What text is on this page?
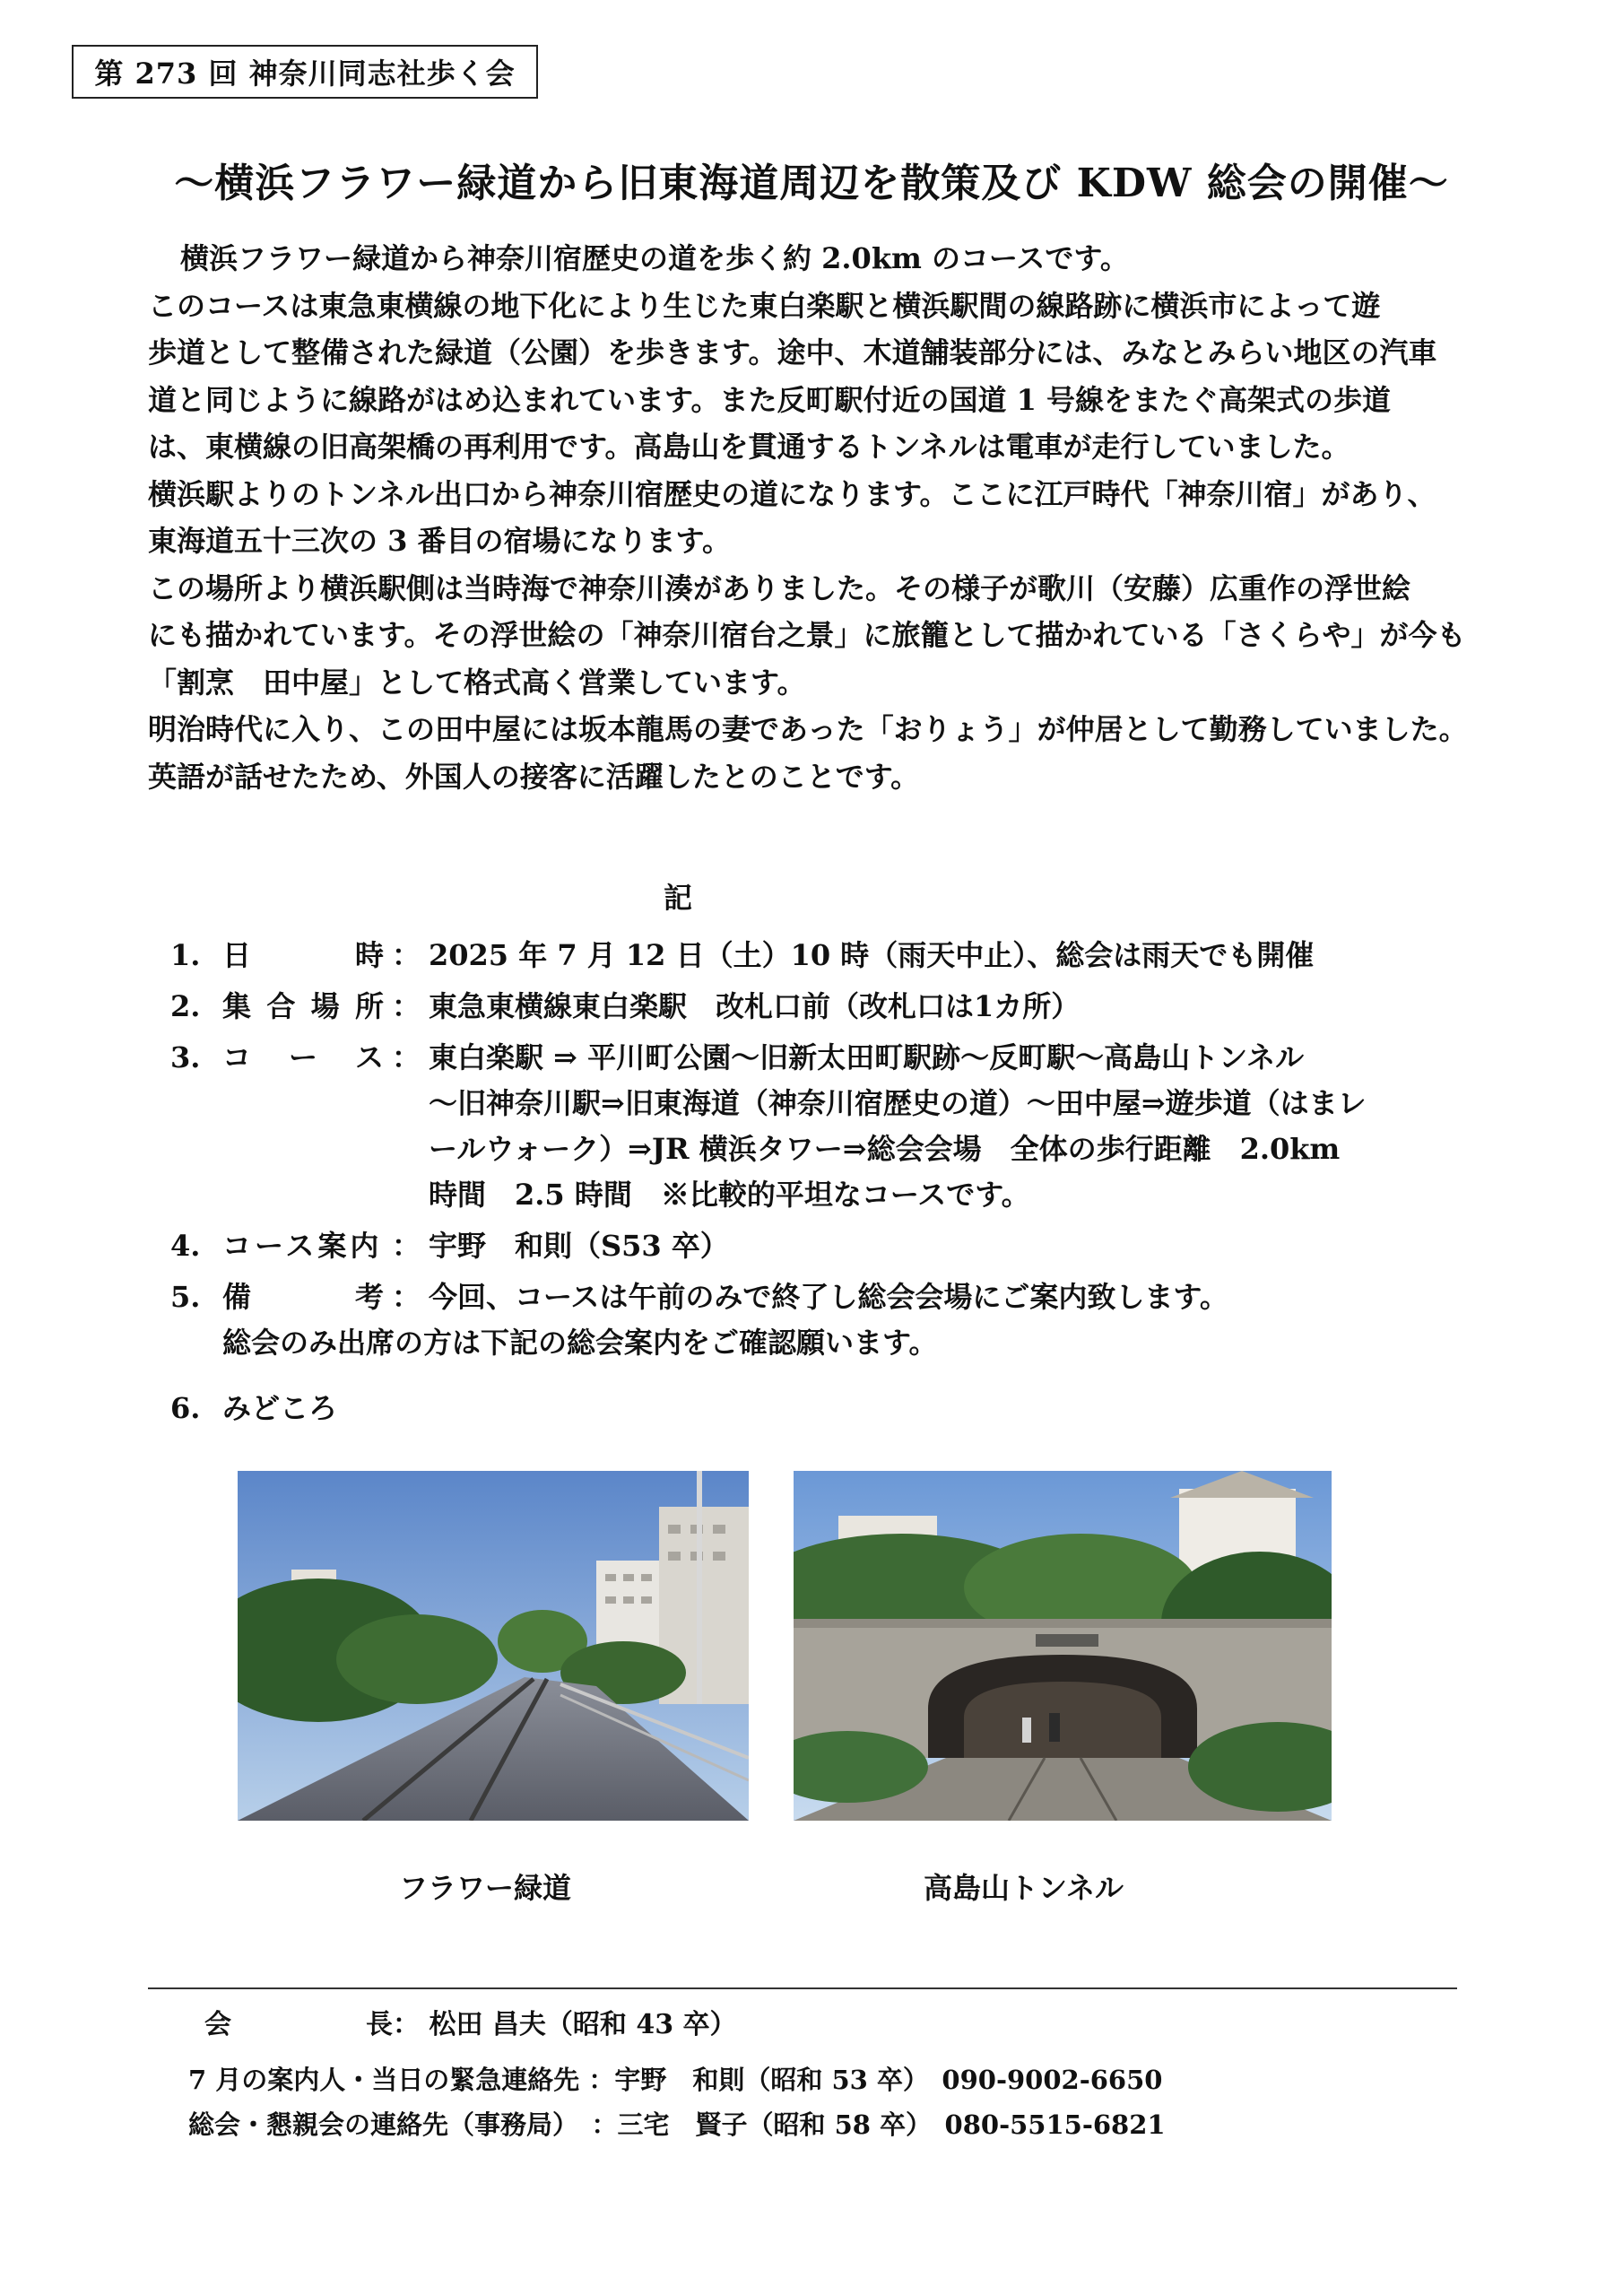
第 273 回 神奈川同志社歩く会
～横浜フラワー緑道から旧東海道周辺を散策及び KDW 総会の開催～

横浜フラワー緑道から神奈川宿歴史の道を歩く約 2.0km のコースです。

このコースは東急東横線の地下化により生じた東白楽駅と横浜駅間の線路跡に横浜市によって遊

歩道として整備された緑道（公園）を歩きます。途中、木道舗装部分には、みなとみらい地区の汽車

道と同じように線路がはめ込まれています。また反町駅付近の国道 1 号線をまたぐ高架式の歩道

は、東横線の旧高架橋の再利用です。高島山を貫通するトンネルは電車が走行していました。

横浜駅よりのトンネル出口から神奈川宿歴史の道になります。ここに江戸時代「神奈川宿」があり、

東海道五十三次の 3 番目の宿場になります。

この場所より横浜駅側は当時海で神奈川湊がありました。その様子が歌川（安藤）広重作の浮世絵

にも描かれています。その浮世絵の「神奈川宿台之景」に旅籠として描かれている「さくらや」が今も

「割烹　田中屋」として格式高く営業しています。

明治時代に入り、この田中屋には坂本龍馬の妻であった「おりょう」が仲居として勤務していました。

英語が話せたため、外国人の接客に活躍したとのことです。

記
1. 日	時 ： 2025 年 7 月 12 日（土）10 時（雨天中止）、総会は雨天でも開催

2. 集 合 場 所 ： 東急東横線東白楽駅　改札口前（改札口は1カ所）

3. コ ー ス ： 東白楽駅 ⇒ 平川町公園～旧新太田町駅跡～反町駅～高島山トンネル

～旧神奈川駅⇒旧東海道（神奈川宿歴史の道）～田中屋⇒遊歩道（はまレ

ールウォーク）⇒JR 横浜タワー⇒総会会場　全体の歩行距離　2.0km

時間　2.5 時間　※比較的平坦なコースです。

4. コース案内 ： 宇野　和則（S53 卒）

5. 備	考 ： 今回、コースは午前のみで終了し総会会場にご案内致します。

総会のみ出席の方は下記の総会案内をご確認願います。

6. みどころ
フラワー緑道	高島山トンネル
会　　　　　長： 松田 昌夫（昭和 43 卒）
7 月の案内人・当日の緊急連絡先 ：宇野　和則（昭和 53 卒）　090-9002-6650
総会・懇親会の連絡先（事務局）　：三宅　賢子（昭和 58 卒）　080-5515-6821
